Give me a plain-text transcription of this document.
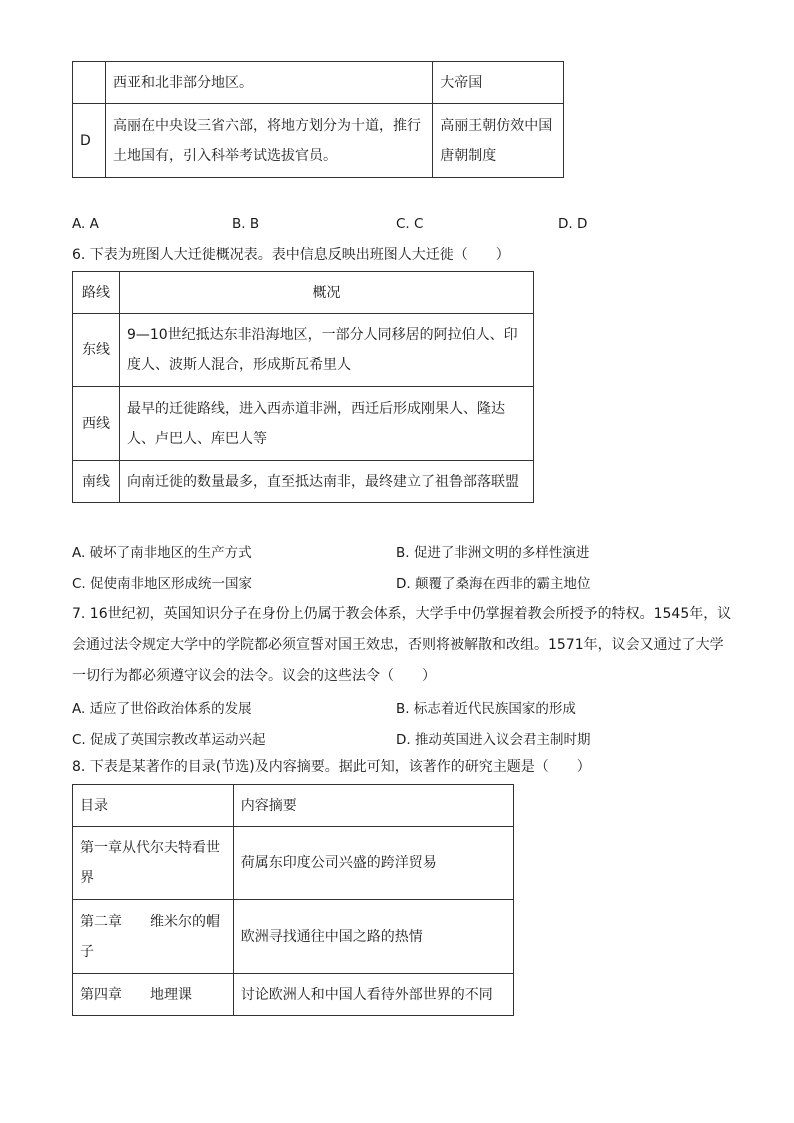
	西亚和北非部分地区。	大帝国
D	高丽在中央设三省六部，将地方划分为十道，推行土地国有，引入科举考试选拔官员。	高丽王朝仿效中国唐朝制度
A. A	B. B	C. C	D. D
6. 下表为班图人大迁徙概况表。表中信息反映出班图人大迁徙（　　）
路线	概况
东线	9—10世纪抵达东非沿海地区，一部分人同移居的阿拉伯人、印度人、波斯人混合，形成斯瓦希里人
西线	最早的迁徙路线，进入西赤道非洲，西迁后形成刚果人、隆达人、卢巴人、库巴人等
南线	向南迁徙的数量最多，直至抵达南非，最终建立了祖鲁部落联盟
A. 破坏了南非地区的生产方式	B. 促进了非洲文明的多样性演进
C. 促使南非地区形成统一国家	D. 颠覆了桑海在西非的霸主地位
7. 16世纪初，英国知识分子在身份上仍属于教会体系，大学手中仍掌握着教会所授予的特权。1545年，议会通过法令规定大学中的学院都必须宣誓对国王效忠，否则将被解散和改组。1571年，议会又通过了大学一切行为都必须遵守议会的法令。议会的这些法令（　　）
A. 适应了世俗政治体系的发展	B. 标志着近代民族国家的形成
C. 促成了英国宗教改革运动兴起	D. 推动英国进入议会君主制时期
8. 下表是某著作的目录(节选)及内容摘要。据此可知，该著作的研究主题是（　　）
目录	内容摘要
第一章从代尔夫特看世界	荷属东印度公司兴盛的跨洋贸易
第二章　　维米尔的帽子	欧洲寻找通往中国之路的热情
第四章　　地理课	讨论欧洲人和中国人看待外部世界的不同
